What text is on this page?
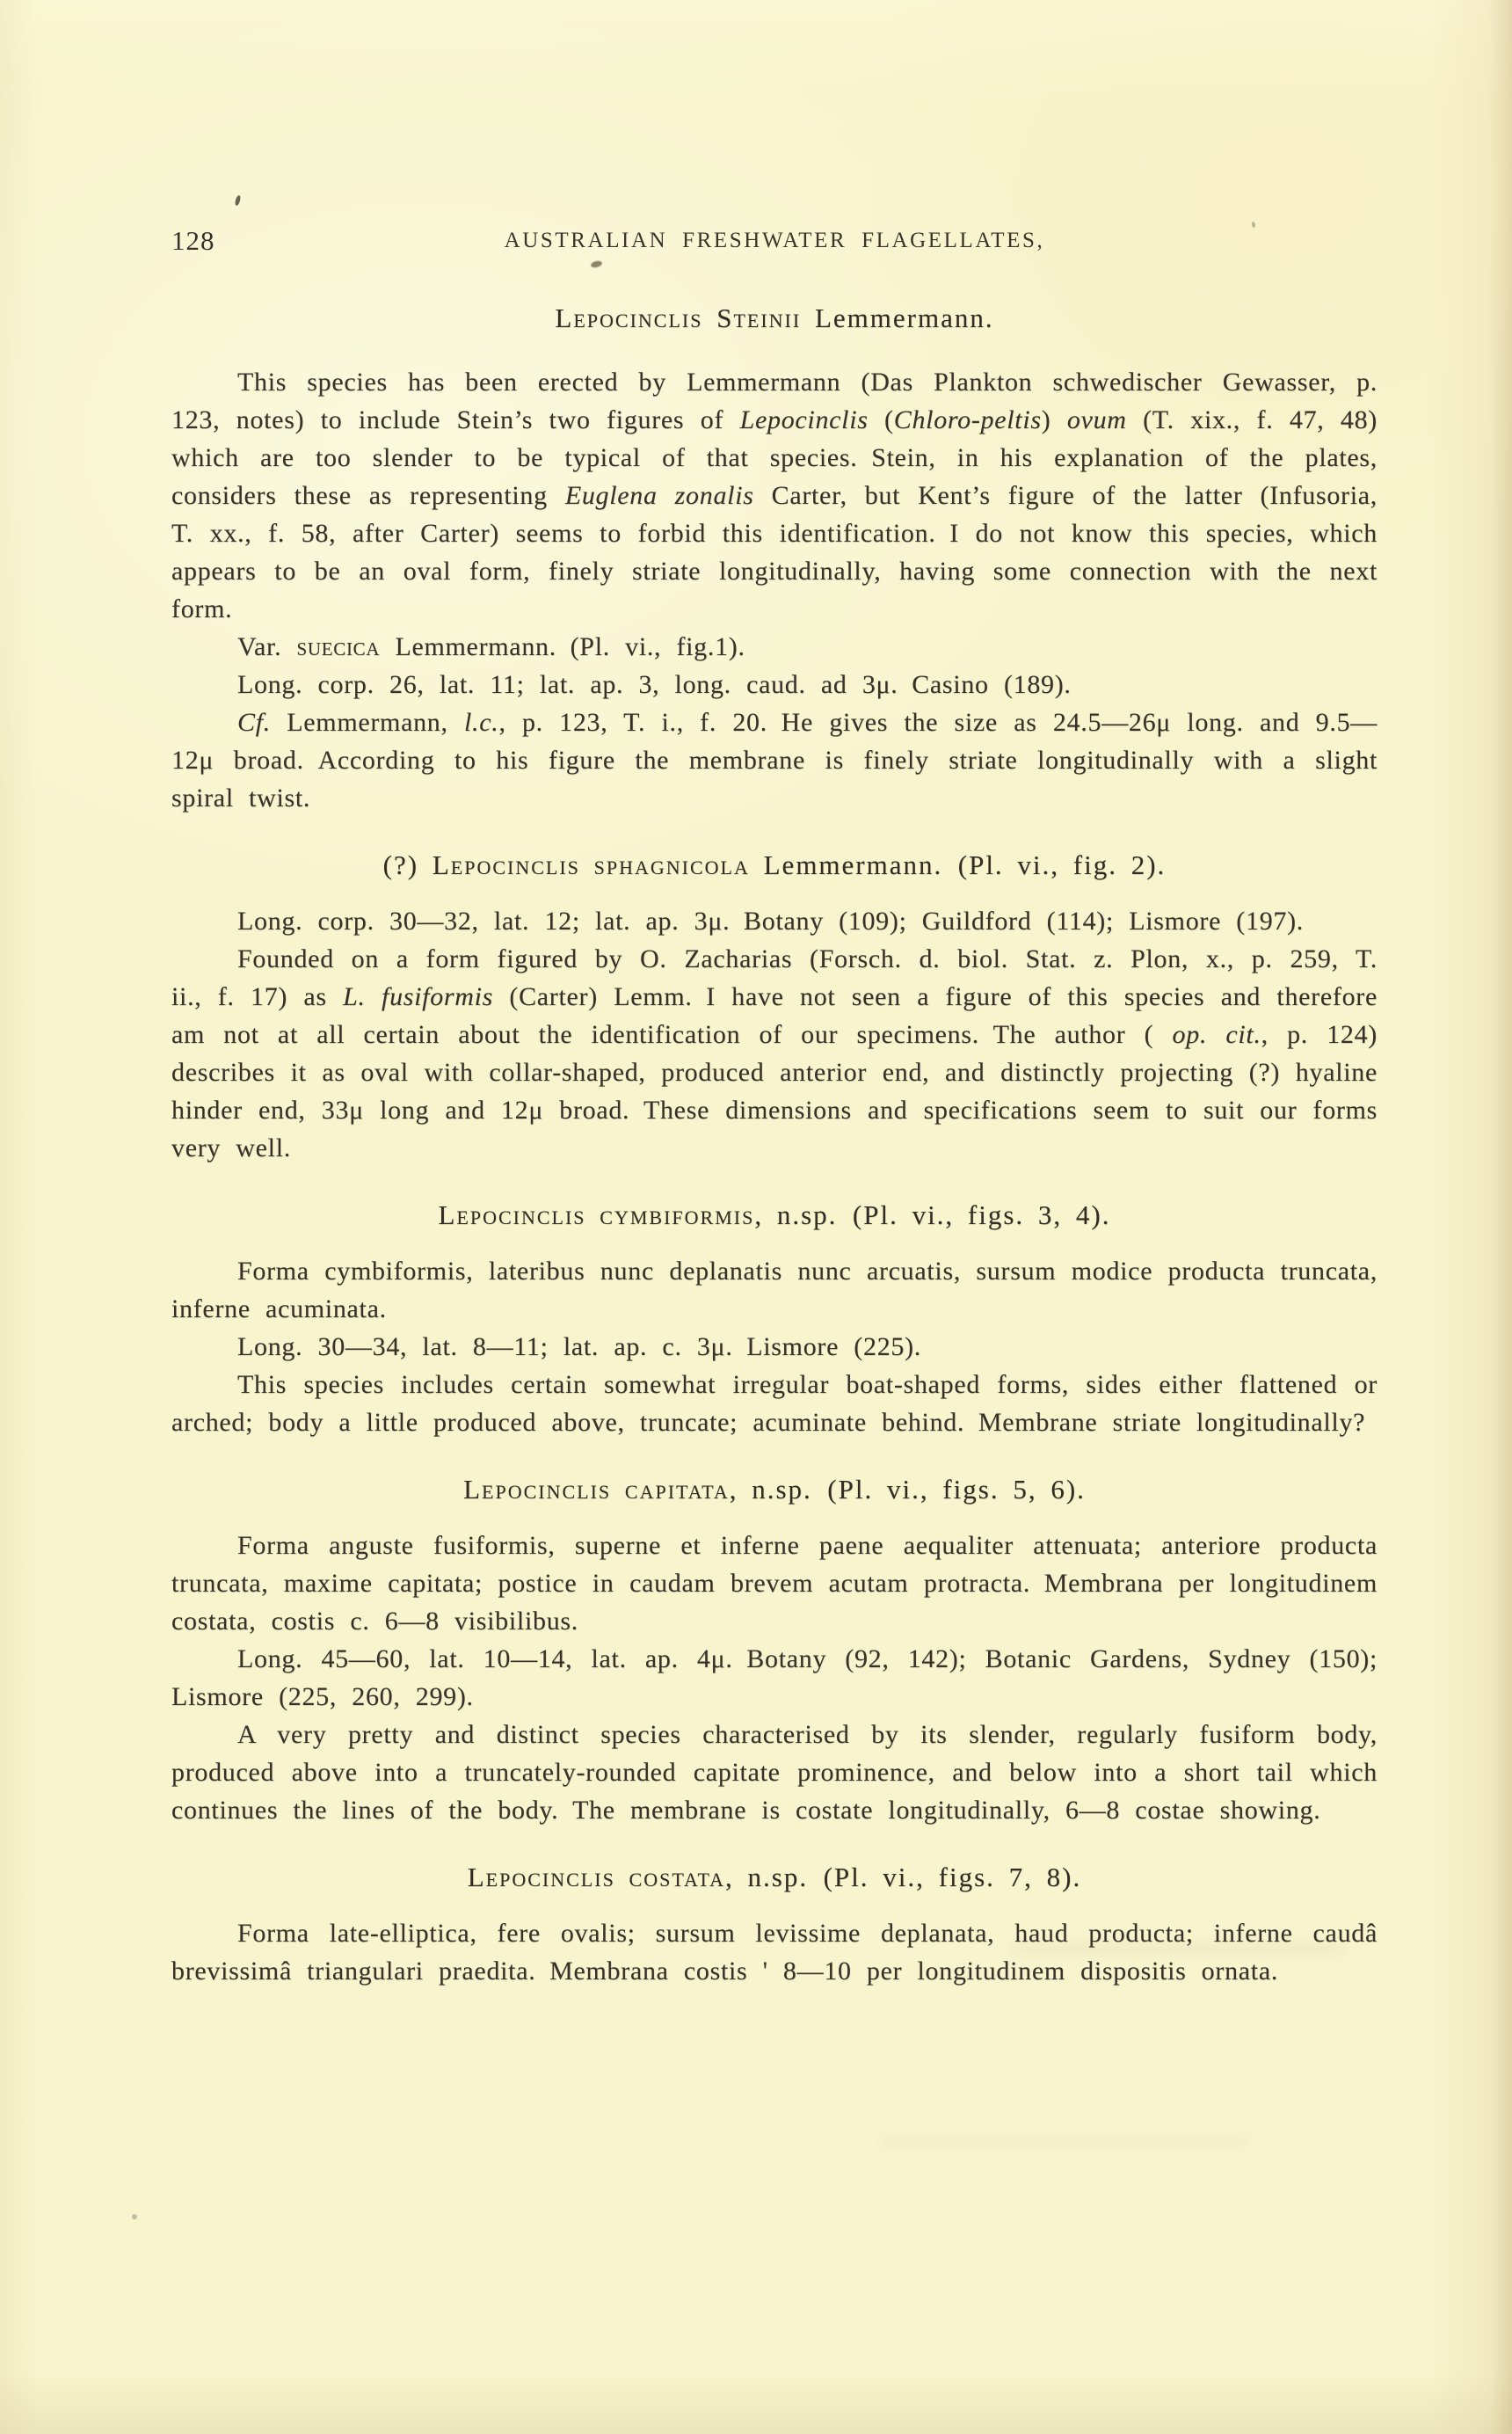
128	AUSTRALIAN FRESHWATER FLAGELLATES,
Lepocinclis Steinii Lemmermann.

This species has been erected by Lemmermann (Das Plankton schwedischer Gewasser, p. 123, notes) to include Stein’s two figures of Lepocinclis (Chloro-peltis) ovum (T. xix., f. 47, 48) which are too slender to be typical of that species. Stein, in his explanation of the plates, considers these as representing Euglena zonalis Carter, but Kent’s figure of the latter (Infusoria, T. xx., f. 58, after Carter) seems to forbid this identification. I do not know this species, which appears to be an oval form, finely striate longitudinally, having some connection with the next form.

Var. suecica Lemmermann. (Pl. vi., fig.1).

Long. corp. 26, lat. 11; lat. ap. 3, long. caud. ad 3μ. Casino (189).

Cf. Lemmermann, l.c., p. 123, T. i., f. 20. He gives the size as 24.5—26μ long. and 9.5—12μ broad. According to his figure the membrane is finely striate longitudinally with a slight spiral twist.

(?) Lepocinclis sphagnicola Lemmermann. (Pl. vi., fig. 2).

Long. corp. 30—32, lat. 12; lat. ap. 3μ. Botany (109); Guildford (114); Lismore (197).

Founded on a form figured by O. Zacharias (Forsch. d. biol. Stat. z. Plon, x., p. 259, T. ii., f. 17) as L. fusiformis (Carter) Lemm. I have not seen a figure of this species and therefore am not at all certain about the identification of our specimens. The author ( op. cit., p. 124) describes it as oval with collar-shaped, produced anterior end, and distinctly projecting (?) hyaline hinder end, 33μ long and 12μ broad. These dimensions and specifications seem to suit our forms very well.

Lepocinclis cymbiformis, n.sp. (Pl. vi., figs. 3, 4).

Forma cymbiformis, lateribus nunc deplanatis nunc arcuatis, sursum modice producta truncata, inferne acuminata.

Long. 30—34, lat. 8—11; lat. ap. c. 3μ. Lismore (225).

This species includes certain somewhat irregular boat-shaped forms, sides either flattened or arched; body a little produced above, truncate; acuminate behind. Membrane striate longitudinally?

Lepocinclis capitata, n.sp. (Pl. vi., figs. 5, 6).

Forma anguste fusiformis, superne et inferne paene aequaliter attenuata; anteriore producta truncata, maxime capitata; postice in caudam brevem acutam protracta. Membrana per longitudinem costata, costis c. 6—8 visibilibus.

Long. 45—60, lat. 10—14, lat. ap. 4μ. Botany (92, 142); Botanic Gardens, Sydney (150); Lismore (225, 260, 299).

A very pretty and distinct species characterised by its slender, regularly fusiform body, produced above into a truncately-rounded capitate prominence, and below into a short tail which continues the lines of the body. The membrane is costate longitudinally, 6—8 costae showing.

Lepocinclis costata, n.sp. (Pl. vi., figs. 7, 8).

Forma late-elliptica, fere ovalis; sursum levissime deplanata, haud producta; inferne caudâ brevissimâ triangulari praedita. Membrana costis ' 8—10 per longitudinem dispositis ornata.
